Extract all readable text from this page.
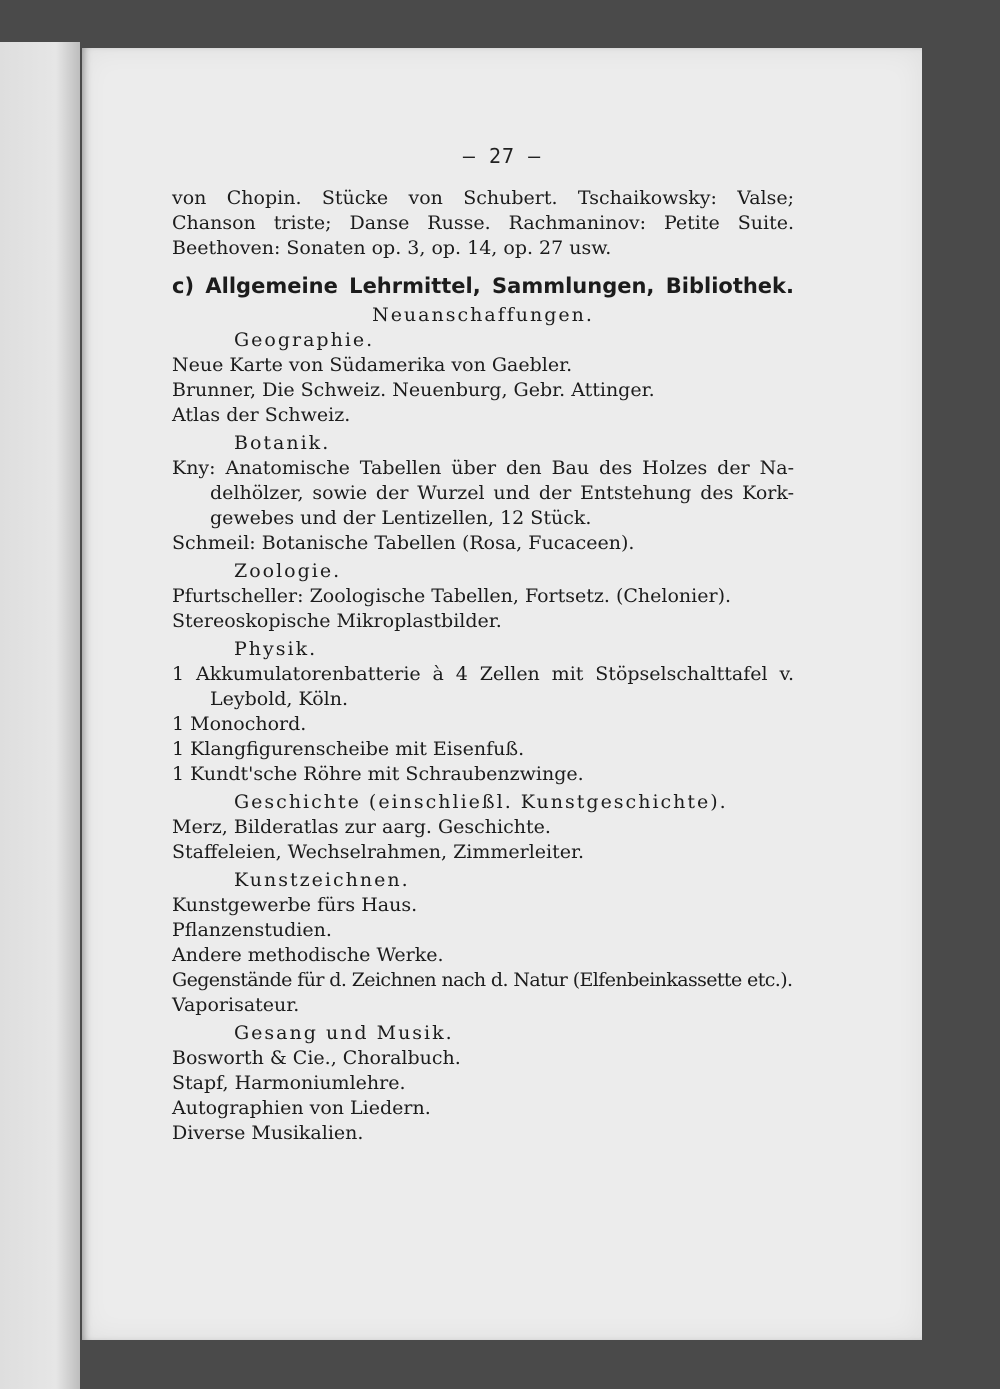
— 27 —
von Chopin. Stücke von Schubert. Tschaikowsky: Valse;
Chanson triste; Danse Russe. Rachmaninov: Petite Suite.
Beethoven: Sonaten op. 3, op. 14, op. 27 usw.
c) Allgemeine Lehrmittel, Sammlungen, Bibliothek.
Neuanschaffungen.
Geographie.
Neue Karte von Südamerika von Gaebler.
Brunner, Die Schweiz. Neuenburg, Gebr. Attinger.
Atlas der Schweiz.
Botanik.
Kny: Anatomische Tabellen über den Bau des Holzes der Na-
delhölzer, sowie der Wurzel und der Entstehung des Kork-
gewebes und der Lentizellen, 12 Stück.
Schmeil: Botanische Tabellen (Rosa, Fucaceen).
Zoologie.
Pfurtscheller: Zoologische Tabellen, Fortsetz. (Chelonier).
Stereoskopische Mikroplastbilder.
Physik.
1 Akkumulatorenbatterie à 4 Zellen mit Stöpselschalttafel v.
Leybold, Köln.
1 Monochord.
1 Klangfigurenscheibe mit Eisenfuß.
1 Kundt'sche Röhre mit Schraubenzwinge.
Geschichte (einschließl. Kunstgeschichte).
Merz, Bilderatlas zur aarg. Geschichte.
Staffeleien, Wechselrahmen, Zimmerleiter.
Kunstzeichnen.
Kunstgewerbe fürs Haus.
Pflanzenstudien.
Andere methodische Werke.
Gegenstände für d. Zeichnen nach d. Natur (Elfenbeinkassette etc.).
Vaporisateur.
Gesang und Musik.
Bosworth & Cie., Choralbuch.
Stapf, Harmoniumlehre.
Autographien von Liedern.
Diverse Musikalien.
